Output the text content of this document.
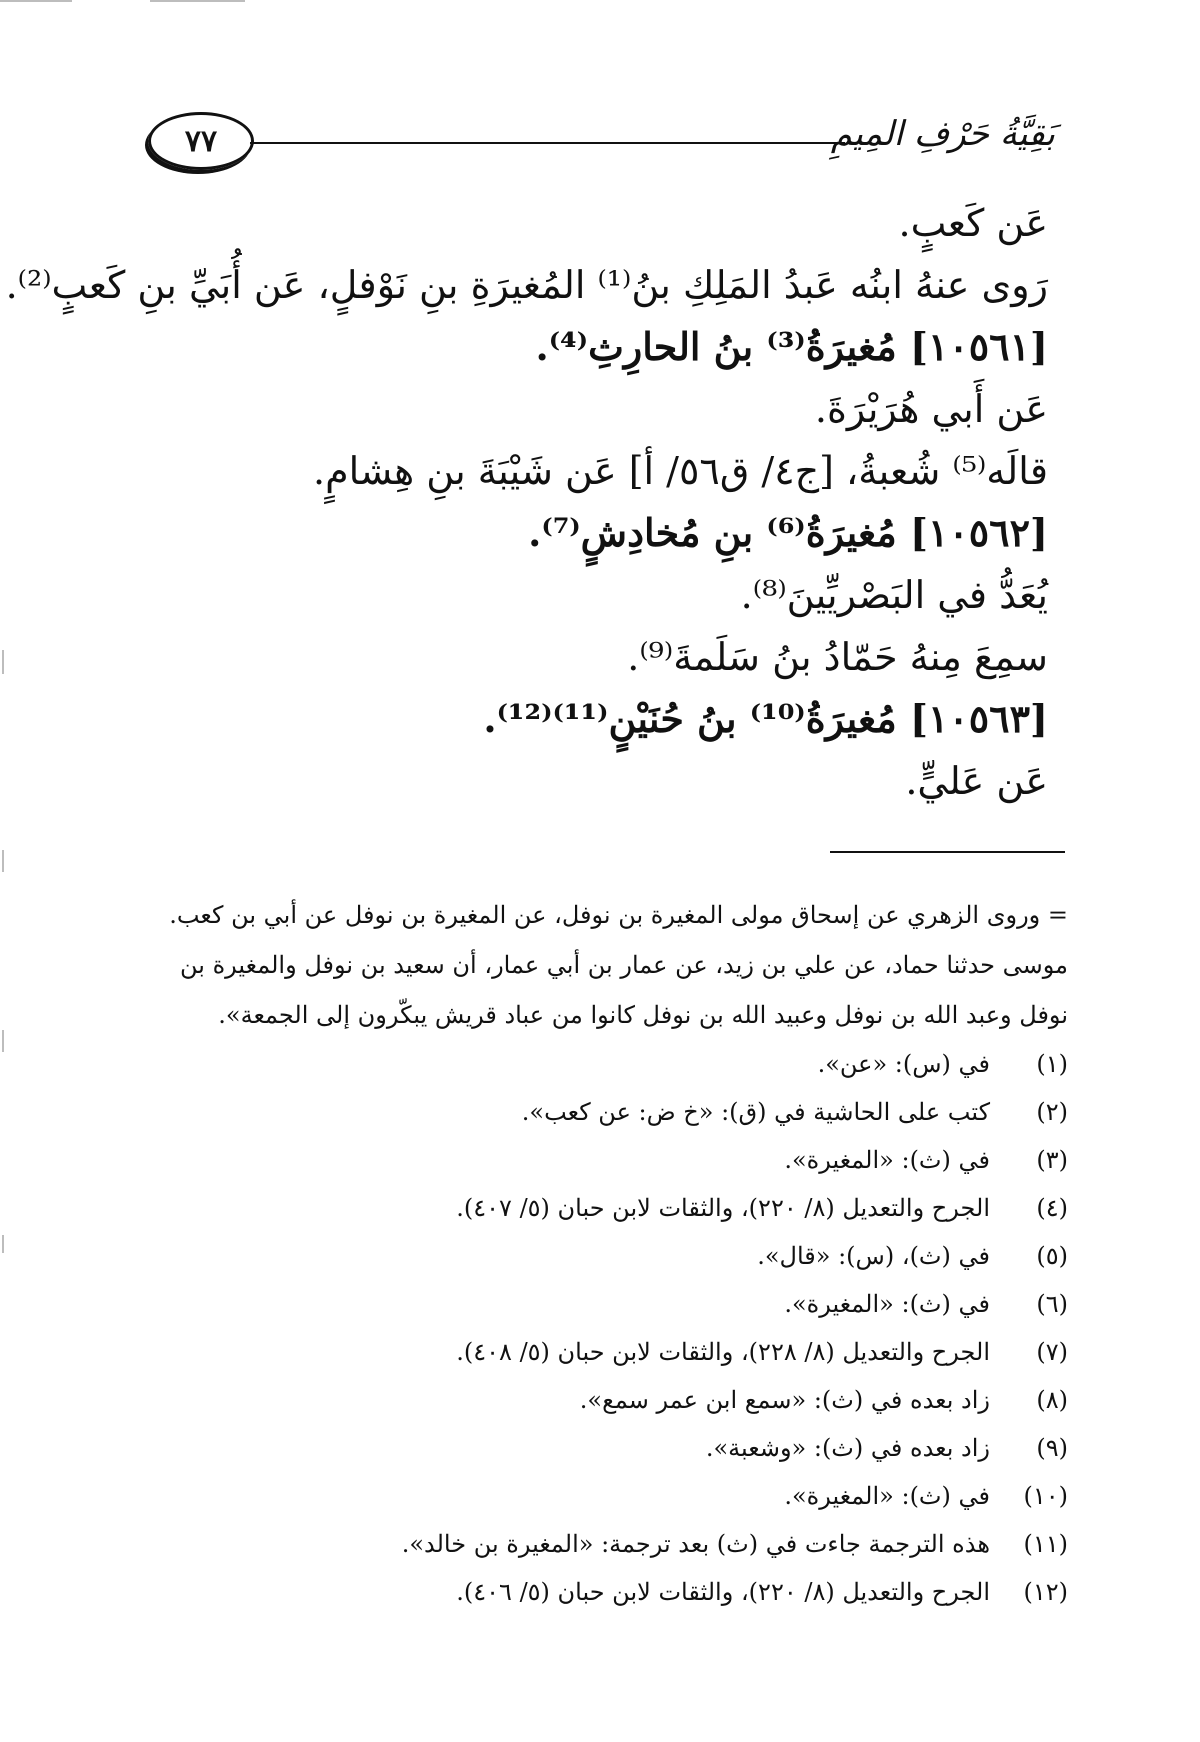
٧٧	بَقِيَّةُ حَرْفِ المِيمِ
عَن كَعبٍ.
رَوى عنهُ ابنُه عَبدُ المَلِكِ بنُ⁽¹⁾ المُغيرَةِ بنِ نَوْفلٍ، عَن أُبَيِّ بنِ كَعبٍ⁽²⁾.
[١٠٥٦١] مُغيرَةُ⁽³⁾ بنُ الحارِثِ⁽⁴⁾.
عَن أَبي هُرَيْرَةَ.
قالَه⁽⁵⁾ شُعبةُ، [ج٤/ ق٥٦/ أ] عَن شَيْبَةَ بنِ هِشامٍ.
[١٠٥٦٢] مُغيرَةُ⁽⁶⁾ بنِ مُخادِشٍ⁽⁷⁾.
يُعَدُّ في البَصْريِّينَ⁽⁸⁾.
سمِعَ مِنهُ حَمّادُ بنُ سَلَمةَ⁽⁹⁾.
[١٠٥٦٣] مُغيرَةُ⁽¹⁰⁾ بنُ حُنَيْنٍ⁽¹¹⁾⁽¹²⁾.
عَن عَليٍّ.
= وروى الزهري عن إسحاق مولى المغيرة بن نوفل، عن المغيرة بن نوفل عن أبي بن كعب.
موسى حدثنا حماد، عن علي بن زيد، عن عمار بن أبي عمار، أن سعيد بن نوفل والمغيرة بن
نوفل وعبد الله بن نوفل وعبيد الله بن نوفل كانوا من عباد قريش يبكّرون إلى الجمعة».
(١)
في (س): «عن».
(٢)
كتب على الحاشية في (ق): «خ ض: عن كعب».
(٣)
في (ث): «المغيرة».
(٤)
الجرح والتعديل (٨/ ٢٢٠)، والثقات لابن حبان (٥/ ٤٠٧).
(٥)
في (ث)، (س): «قال».
(٦)
في (ث): «المغيرة».
(٧)
الجرح والتعديل (٨/ ٢٢٨)، والثقات لابن حبان (٥/ ٤٠٨).
(٨)
زاد بعده في (ث): «سمع ابن عمر سمع».
(٩)
زاد بعده في (ث): «وشعبة».
(١٠)
في (ث): «المغيرة».
(١١)
هذه الترجمة جاءت في (ث) بعد ترجمة: «المغيرة بن خالد».
(١٢)
الجرح والتعديل (٨/ ٢٢٠)، والثقات لابن حبان (٥/ ٤٠٦).
